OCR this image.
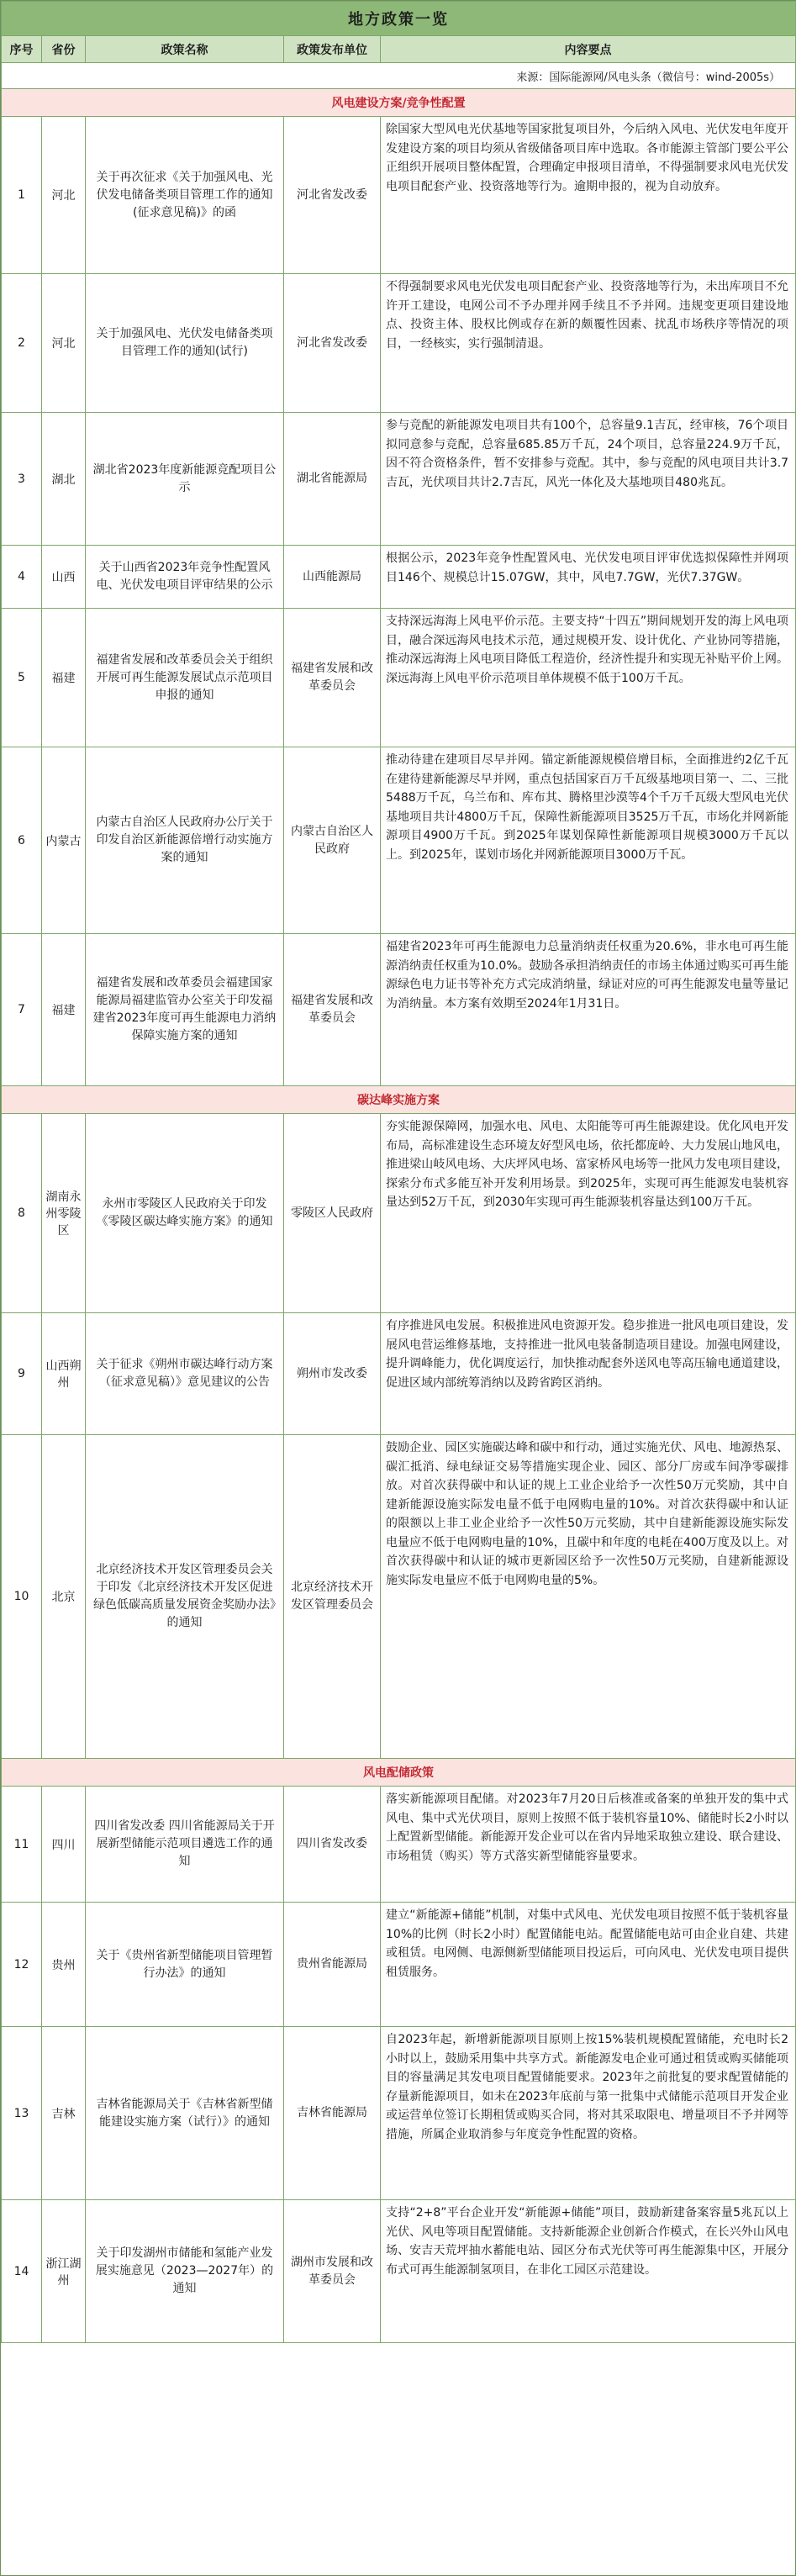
地方政策一览				
序号	省份	政策名称	政策发布单位	内容要点
来源：国际能源网/风电头条（微信号：wind-2005s）				
风电建设方案/竞争性配置				
1	河北	关于再次征求《关于加强风电、光伏发电储备类项目管理工作的通知(征求意见稿)》的函	河北省发改委	除国家大型风电光伏基地等国家批复项目外，今后纳入风电、光伏发电年度开发建设方案的项目均须从省级储备项目库中选取。各市能源主管部门要公平公正组织开展项目整体配置，合理确定申报项目清单，不得强制要求风电光伏发电项目配套产业、投资落地等行为。逾期申报的，视为自动放弃。
2	河北	关于加强风电、光伏发电储备类项目管理工作的通知(试行)	河北省发改委	不得强制要求风电光伏发电项目配套产业、投资落地等行为，未出库项目不允许开工建设，电网公司不予办理并网手续且不予并网。违规变更项目建设地点、投资主体、股权比例或存在新的颇覆性因素、扰乱市场秩序等情况的项目，一经核实，实行强制清退。
3	湖北	湖北省2023年度新能源竞配项目公示	湖北省能源局	参与竞配的新能源发电项目共有100个，总容量9.1吉瓦，经审核，76个项目拟同意参与竞配，总容量685.85万千瓦，24个项目，总容量224.9万千瓦，因不符合资格条件，暂不安排参与竞配。其中，参与竞配的风电项目共计3.7吉瓦，光伏项目共计2.7吉瓦，风光一体化及大基地项目480兆瓦。
4	山西	关于山西省2023年竞争性配置风电、光伏发电项目评审结果的公示	山西能源局	根据公示，2023年竞争性配置风电、光伏发电项目评审优选拟保障性并网项目146个、规模总计15.07GW，其中，风电7.7GW，光伏7.37GW。
5	福建	福建省发展和改革委员会关于组织开展可再生能源发展试点示范项目申报的通知	福建省发展和改革委员会	支持深远海海上风电平价示范。主要支持“十四五”期间规划开发的海上风电项目，融合深远海风电技术示范，通过规模开发、设计优化、产业协同等措施，推动深远海海上风电项目降低工程造价，经济性提升和实现无补贴平价上网。深远海海上风电平价示范项目单体规模不低于100万千瓦。
6	内蒙古	内蒙古自治区人民政府办公厅关于印发自治区新能源倍增行动实施方案的通知	内蒙古自治区人民政府	推动待建在建项目尽早并网。锚定新能源规模倍增目标，全面推进约2亿千瓦在建待建新能源尽早并网，重点包括国家百万千瓦级基地项目第一、二、三批5488万千瓦，乌兰布和、库布其、腾格里沙漠等4个千万千瓦级大型风电光伏基地项目共计4800万千瓦，保障性新能源项目3525万千瓦，市场化并网新能源项目4900万千瓦。到2025年谋划保障性新能源项目规模3000万千瓦以上。到2025年，谋划市场化并网新能源项目3000万千瓦。
7	福建	福建省发展和改革委员会福建国家能源局福建监管办公室关于印发福建省2023年度可再生能源电力消纳保障实施方案的通知	福建省发展和改革委员会	福建省2023年可再生能源电力总量消纳责任权重为20.6%，非水电可再生能源消纳责任权重为10.0%。鼓励各承担消纳责任的市场主体通过购买可再生能源绿色电力证书等补充方式完成消纳量，绿证对应的可再生能源发电量等量记为消纳量。本方案有效期至2024年1月31日。
碳达峰实施方案				
8	湖南永州零陵区	永州市零陵区人民政府关于印发《零陵区碳达峰实施方案》的通知	零陵区人民政府	夯实能源保障网，加强水电、风电、太阳能等可再生能源建设。优化风电开发布局，高标准建设生态环境友好型风电场，依托都庞岭、大力发展山地风电，推进梁山岐风电场、大庆坪风电场、富家桥风电场等一批风力发电项目建设，探索分布式多能互补开发利用场景。到2025年，实现可再生能源发电装机容量达到52万千瓦，到2030年实现可再生能源装机容量达到100万千瓦。
9	山西朔州	关于征求《朔州市碳达峰行动方案（征求意见稿）》意见建议的公告	朔州市发改委	有序推进风电发展。积极推进风电资源开发。稳步推进一批风电项目建设，发展风电营运维修基地，支持推进一批风电装备制造项目建设。加强电网建设，提升调峰能力，优化调度运行，加快推动配套外送风电等高压输电通道建设，促进区域内部统筹消纳以及跨省跨区消纳。
10	北京	北京经济技术开发区管理委员会关于印发《北京经济技术开发区促进绿色低碳高质量发展资金奖励办法》的通知	北京经济技术开发区管理委员会	鼓励企业、园区实施碳达峰和碳中和行动，通过实施光伏、风电、地源热泵、碳汇抵消、绿电绿证交易等措施实现企业、园区、部分厂房或车间净零碳排放。对首次获得碳中和认证的规上工业企业给予一次性50万元奖励，其中自建新能源设施实际发电量不低于电网购电量的10%。对首次获得碳中和认证的限额以上非工业企业给予一次性50万元奖励，其中自建新能源设施实际发电量应不低于电网购电量的10%，且碳中和年度的电耗在400万度及以上。对首次获得碳中和认证的城市更新园区给予一次性50万元奖励，自建新能源设施实际发电量应不低于电网购电量的5%。
风电配储政策				
11	四川	四川省发改委 四川省能源局关于开展新型储能示范项目遴选工作的通知	四川省发改委	落实新能源项目配储。对2023年7月20日后核准或备案的单独开发的集中式风电、集中式光伏项目，原则上按照不低于装机容量10%、储能时长2小时以上配置新型储能。新能源开发企业可以在省内异地采取独立建设、联合建设、市场租赁（购买）等方式落实新型储能容量要求。
12	贵州	关于《贵州省新型储能项目管理暂行办法》的通知	贵州省能源局	建立“新能源+储能”机制，对集中式风电、光伏发电项目按照不低于装机容量10%的比例（时长2小时）配置储能电站。配置储能电站可由企业自建、共建或租赁。电网侧、电源侧新型储能项目投运后，可向风电、光伏发电项目提供租赁服务。
13	吉林	吉林省能源局关于《吉林省新型储能建设实施方案（试行）》的通知	吉林省能源局	自2023年起，新增新能源项目原则上按15%装机规模配置储能，充电时长2小时以上，鼓励采用集中共享方式。新能源发电企业可通过租赁或购买储能项目的容量满足其发电项目配置储能要求。2023年之前批复的要求配置储能的存量新能源项目，如未在2023年底前与第一批集中式储能示范项目开发企业或运营单位签订长期租赁或购买合同，将对其采取限电、增量项目不予并网等措施，所属企业取消参与年度竞争性配置的资格。
14	浙江湖州	关于印发湖州市储能和氢能产业发展实施意见（2023—2027年）的通知	湖州市发展和改革委员会	支持“2+8”平台企业开发“新能源+储能”项目，鼓励新建备案容量5兆瓦以上光伏、风电等项目配置储能。支持新能源企业创新合作模式，在长兴外山风电场、安吉天荒坪抽水蓄能电站、园区分布式光伏等可再生能源集中区，开展分布式可再生能源制氢项目，在非化工园区示范建设。
